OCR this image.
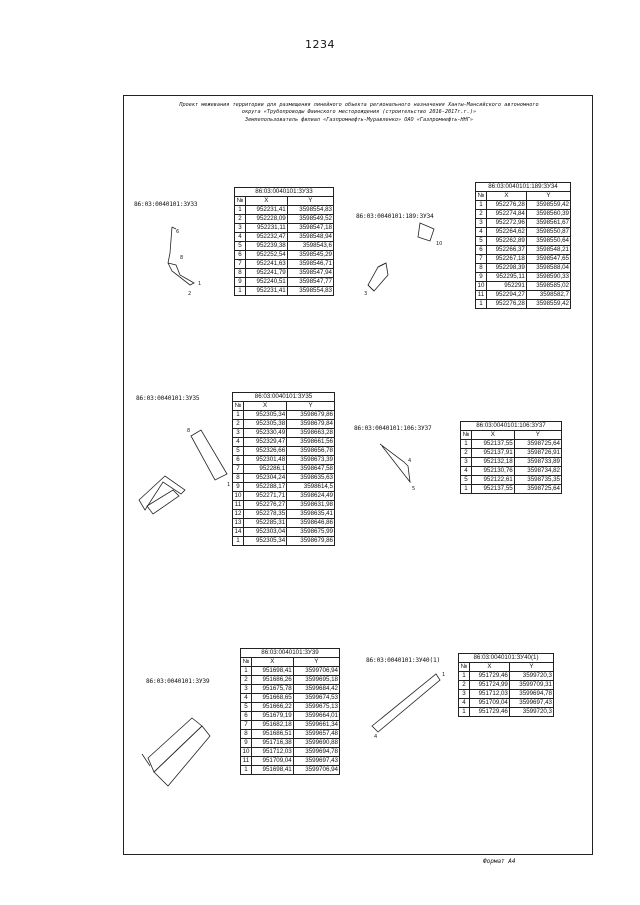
1234
Проект межевания территории для размещения линейного объекта регионального назначения Ханты-Мансийского автономного
округа «Трубопроводы Фаинского месторождения (строительство 2016-2017г.г.)»
Землепользователь филиал «Газпромнефть-Муравленко» ОАО «Газпромнефть-ННГ»
86:03:0040101:ЗУ33
86:03:0040101:189:ЗУ34
86:03:0040101:ЗУ35
86:03:0040101:106:ЗУ37
86:03:0040101:ЗУ39
86:03:0040101:ЗУ40(1)
86:03:0040101:ЗУ33
№	X	Y
1	952231,41	3598554,83
2	952228,09	3598549,52
3	952231,11	3598547,18
4	952232,47	3598548,94
5	952239,38	3598543,6
6	952252,54	3598545,29
7	952241,63	3598546,71
8	952241,79	3598547,94
9	952240,51	3598547,77
1	952231,41	3598554,83
86:03:0040101:189:ЗУ34
№	X	Y
1	952276,28	3598559,42
2	952274,84	3598560,39
3	952272,96	3598561,67
4	952264,62	3598550,87
5	952262,89	3598550,64
6	952266,37	3598548,21
7	952267,18	3598547,65
8	952298,39	3598588,04
9	952295,11	3598590,33
10	952291	3598585,02
11	952294,27	3598582,7
1	952276,28	3598559,42
86:03:0040101:ЗУ35
№	X	Y
1	952305,34	3598679,86
2	952305,38	3598679,84
3	952330,49	3598663,28
4	952329,47	3598661,56
5	952326,66	3598656,78
6	952301,48	3598673,39
7	952286,1	3598647,58
8	952304,24	3598635,63
9	952288,17	3598614,5
10	952271,71	3598624,49
11	952276,27	3598631,98
12	952278,35	3598635,41
13	952285,31	3598646,86
14	952303,04	3598675,99
1	952305,34	3598679,86
86:03:0040101:106:ЗУ37
№	X	Y
1	952137,55	3598725,64
2	952137,91	3598726,91
3	952132,18	3598733,89
4	952130,76	3598734,82
5	952122,61	3598735,35
1	952137,55	3598725,64
86:03:0040101:ЗУ39
№	X	Y
1	951698,41	3599706,94
2	951686,26	3599695,18
3	951675,78	3599684,42
4	951668,65	3599674,53
5	951666,22	3599675,13
6	951679,19	3599664,01
7	951682,18	3599661,34
8	951686,51	3599657,48
9	951716,38	3599690,88
10	951712,03	3599694,78
11	951709,04	3599697,43
1	951698,41	3599706,94
86:03:0040101:ЗУ40(1)
№	X	Y
1	951729,46	3599720,3
2	951724,99	3599709,31
3	951712,03	3599694,78
4	951709,04	3599697,43
1	951729,46	3599720,3
6
8
1
2
10
3
1
8
4
5
1
4
Формат А4
